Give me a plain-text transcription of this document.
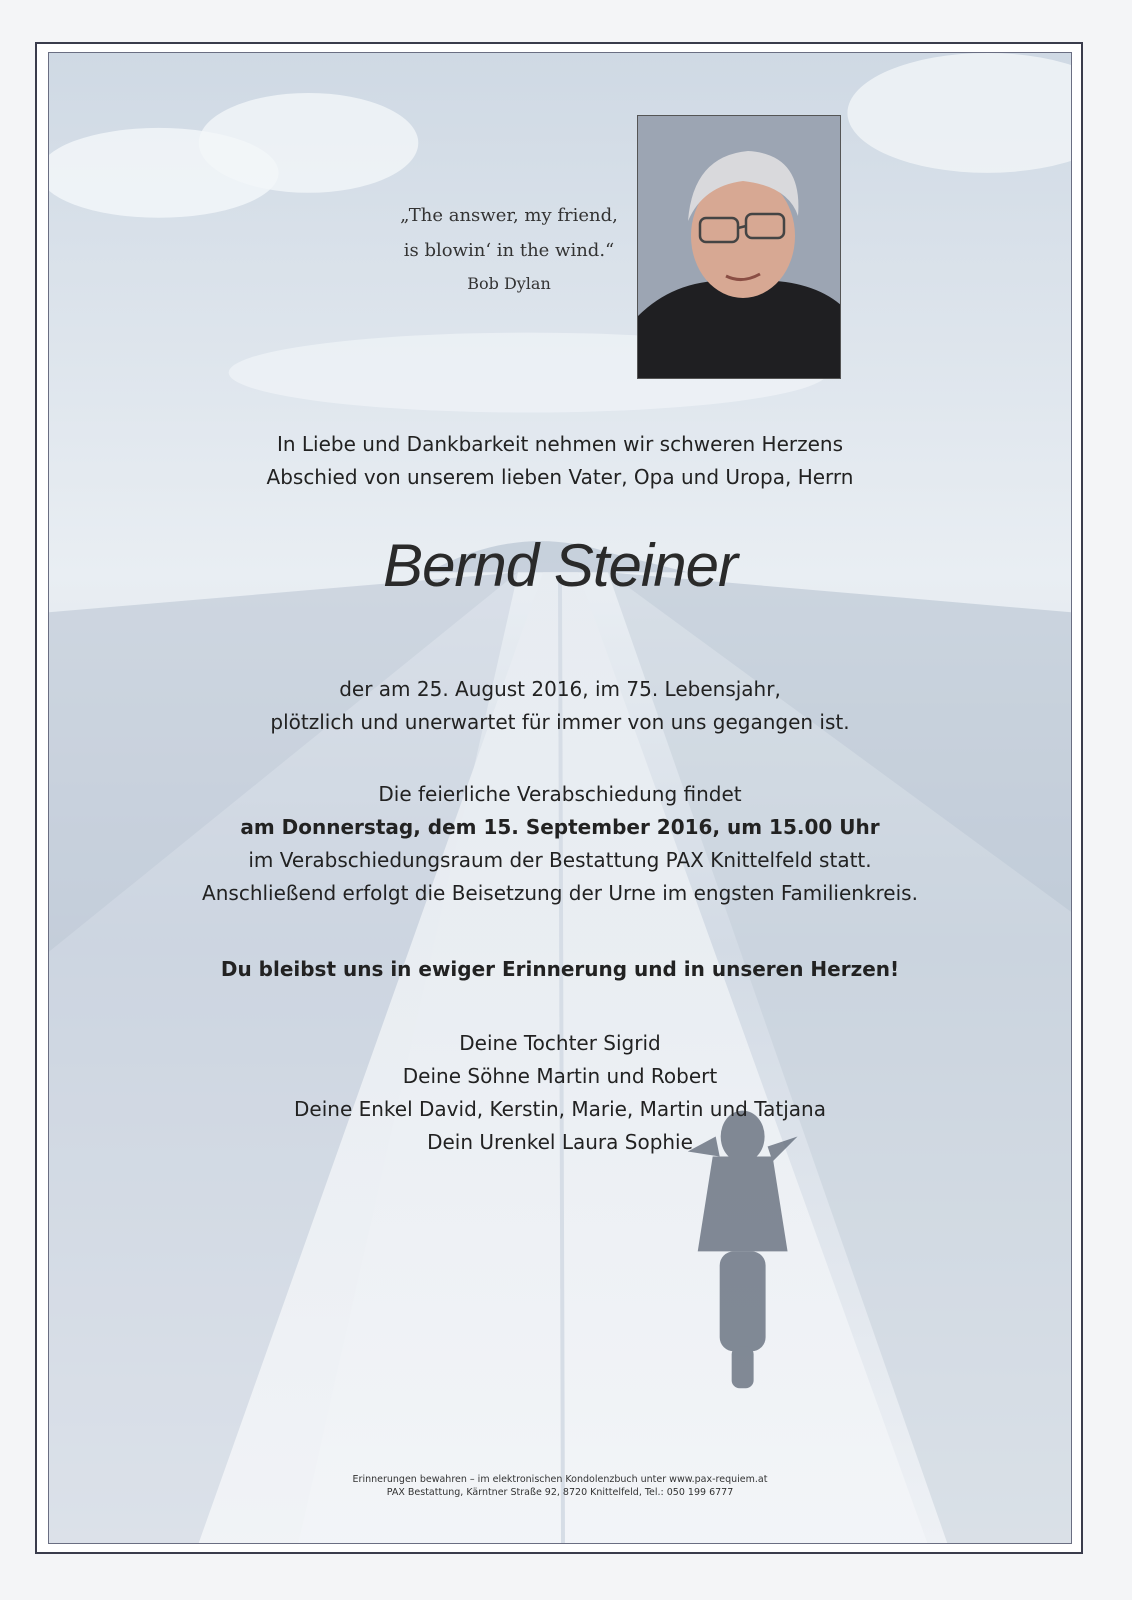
„The answer, my friend,
is blowin‘ in the wind.“
Bob Dylan
In Liebe und Dankbarkeit nehmen wir schweren Herzens
Abschied von unserem lieben Vater, Opa und Uropa, Herrn
Bernd Steiner
der am 25. August 2016, im 75. Lebensjahr,
plötzlich und unerwartet für immer von uns gegangen ist.
Die feierliche Verabschiedung findet
am Donnerstag, dem 15. September 2016, um 15.00 Uhr
im Verabschiedungsraum der Bestattung PAX Knittelfeld statt.
Anschließend erfolgt die Beisetzung der Urne im engsten Familienkreis.
Du bleibst uns in ewiger Erinnerung und in unseren Herzen!
Deine Tochter Sigrid
Deine Söhne Martin und Robert
Deine Enkel David, Kerstin, Marie, Martin und Tatjana
Dein Urenkel Laura Sophie
Erinnerungen bewahren – im elektronischen Kondolenzbuch unter www.pax-requiem.at
PAX Bestattung, Kärntner Straße 92, 8720 Knittelfeld, Tel.: 050 199 6777
